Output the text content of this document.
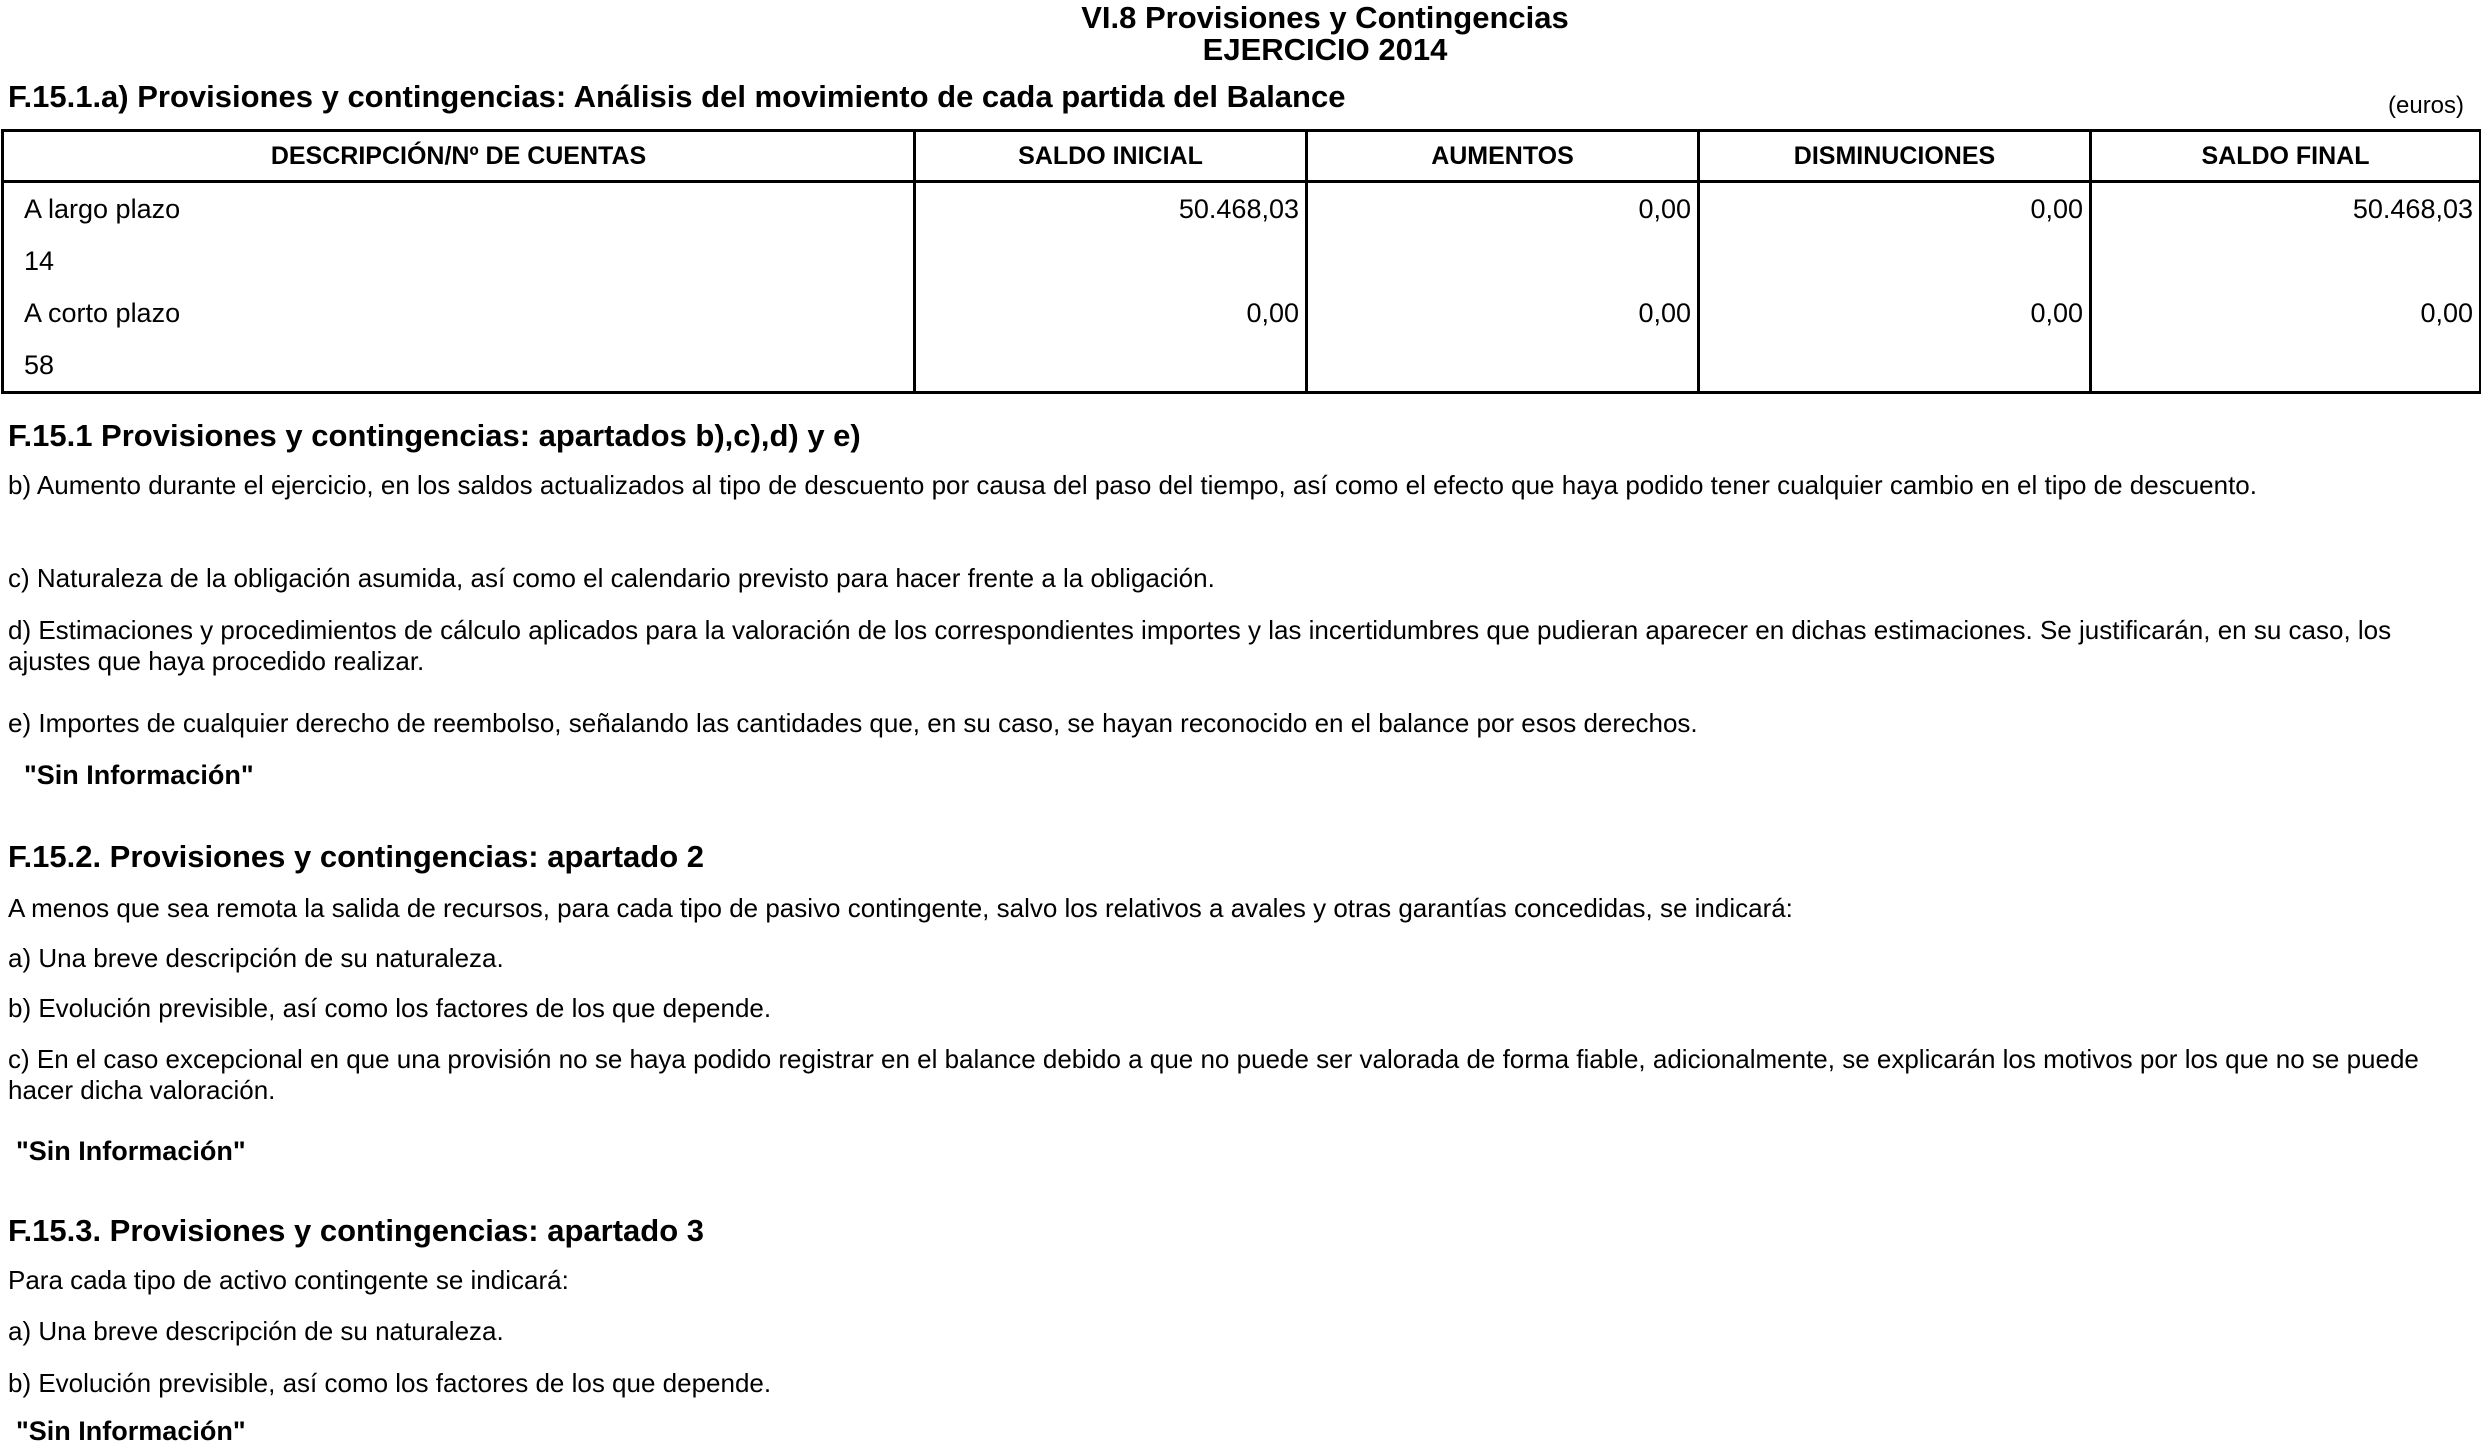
VI.8 Provisiones y Contingencias
EJERCICIO 2014
F.15.1.a) Provisiones y contingencias: Análisis del movimiento de cada partida del Balance	(euros)
DESCRIPCIÓN/Nº DE CUENTAS	SALDO INICIAL	AUMENTOS	DISMINUCIONES	SALDO FINAL
A largo plazo	50.468,03	0,00	0,00	50.468,03
14				
A corto plazo	0,00	0,00	0,00	0,00
58				
F.15.1 Provisiones y contingencias: apartados b),c),d) y e)
b) Aumento durante el ejercicio, en los saldos actualizados al tipo de descuento por causa del paso del tiempo, así como el efecto que haya podido tener cualquier cambio en el tipo de descuento.
c) Naturaleza de la obligación asumida, así como el calendario previsto para hacer frente a la obligación.
d) Estimaciones y procedimientos de cálculo aplicados para la valoración de los correspondientes importes y las incertidumbres que pudieran aparecer en dichas estimaciones. Se justificarán, en su caso, los ajustes que haya procedido realizar.
e) Importes de cualquier derecho de reembolso, señalando las cantidades que, en su caso, se hayan reconocido en el balance por esos derechos.
"Sin Información"
F.15.2. Provisiones y contingencias: apartado 2
A menos que sea remota la salida de recursos, para cada tipo de pasivo contingente, salvo los relativos a avales y otras garantías concedidas, se indicará:
a) Una breve descripción de su naturaleza.
b) Evolución previsible, así como los factores de los que depende.
c) En el caso excepcional en que una provisión no se haya podido registrar en el balance debido a que no puede ser valorada de forma fiable, adicionalmente, se explicarán los motivos por los que no se puede hacer dicha valoración.
"Sin Información"
F.15.3. Provisiones y contingencias: apartado 3
Para cada tipo de activo contingente se indicará:
a) Una breve descripción de su naturaleza.
b) Evolución previsible, así como los factores de los que depende.
"Sin Información"
